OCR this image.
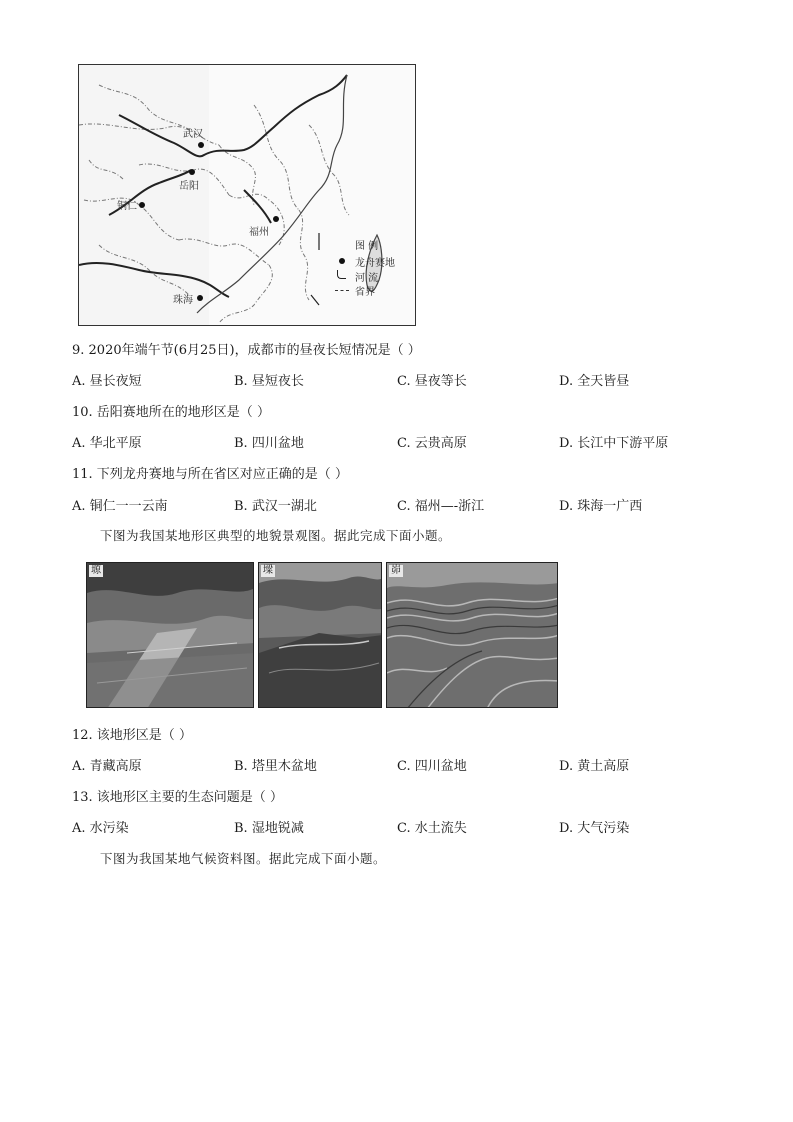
武汉
岳阳
铜仁
福州
珠海
图 例
龙舟赛地
河 流
省界
9. 2020年端午节(6月25日)，成都市的昼夜长短情况是（ ）
A. 昼长夜短	B. 昼短夜长	C. 昼夜等长	D. 全天皆昼
10. 岳阳赛地所在的地形区是（ ）
A. 华北平原	B. 四川盆地	C. 云贵高原	D. 长江中下游平原
11. 下列龙舟赛地与所在省区对应正确的是（ ）
A. 铜仁一一云南	B. 武汉一湖北	C. 福州—-浙江	D. 珠海一广西
下图为我国某地形区典型的地貌景观图。据此完成下面小题。
塬	墚	峁
12. 该地形区是（ ）
A. 青藏高原	B. 塔里木盆地	C. 四川盆地	D. 黄土高原
13. 该地形区主要的生态问题是（ ）
A. 水污染	B. 湿地锐减	C. 水土流失	D. 大气污染
下图为我国某地气候资料图。据此完成下面小题。
